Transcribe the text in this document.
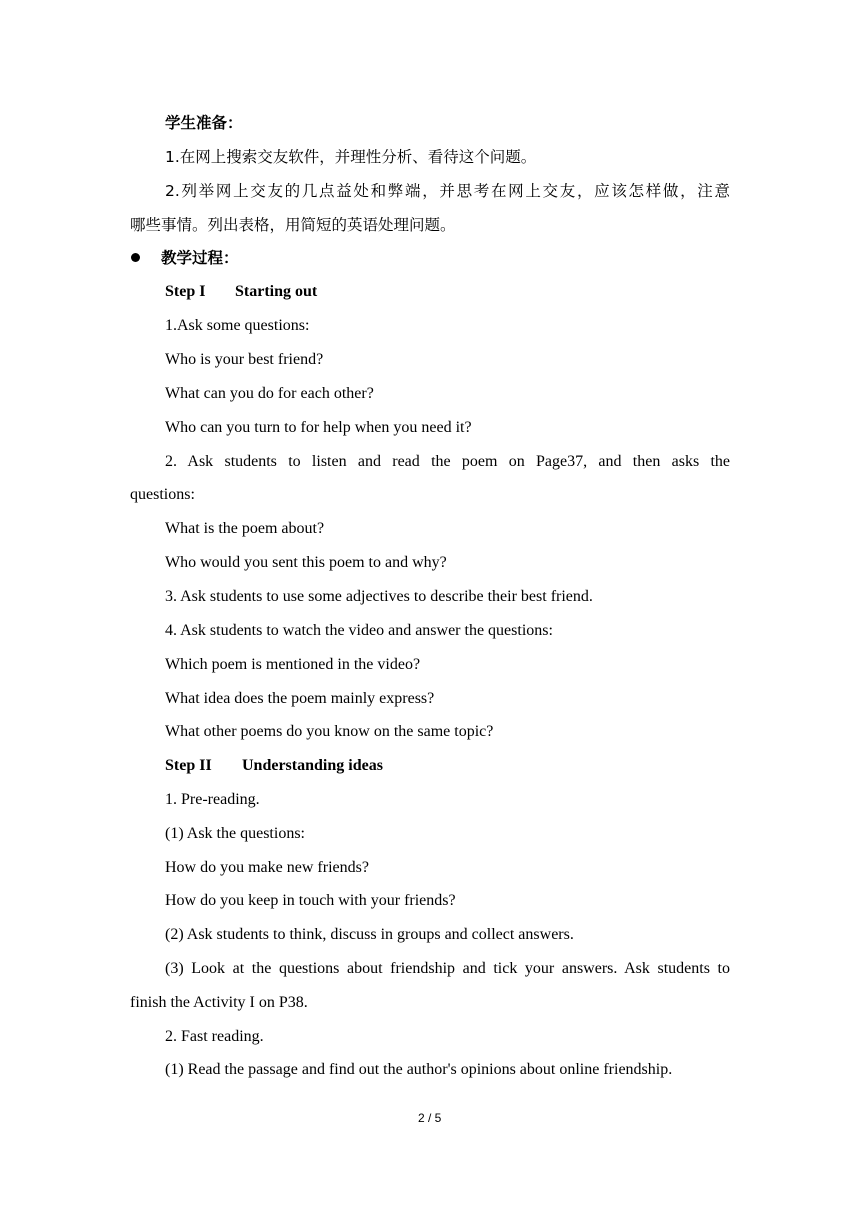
学生准备：
1.在网上搜索交友软件，并理性分析、看待这个问题。
2.列举网上交友的几点益处和弊端，并思考在网上交友，应该怎样做，注意
哪些事情。列出表格，用简短的英语处理问题。
教学过程：
Step I Starting out
1.Ask some questions:
Who is your best friend?
What can you do for each other?
Who can you turn to for help when you need it?
2. Ask students to listen and read the poem on Page37, and then asks the
questions:
What is the poem about?
Who would you sent this poem to and why?
3. Ask students to use some adjectives to describe their best friend.
4. Ask students to watch the video and answer the questions:
Which poem is mentioned in the video?
What idea does the poem mainly express?
What other poems do you know on the same topic?
Step II Understanding ideas
1. Pre-reading.
(1) Ask the questions:
How do you make new friends?
How do you keep in touch with your friends?
(2) Ask students to think, discuss in groups and collect answers.
(3) Look at the questions about friendship and tick your answers. Ask students to
finish the Activity I on P38.
2. Fast reading.
(1) Read the passage and find out the author's opinions about online friendship.
2 / 5
